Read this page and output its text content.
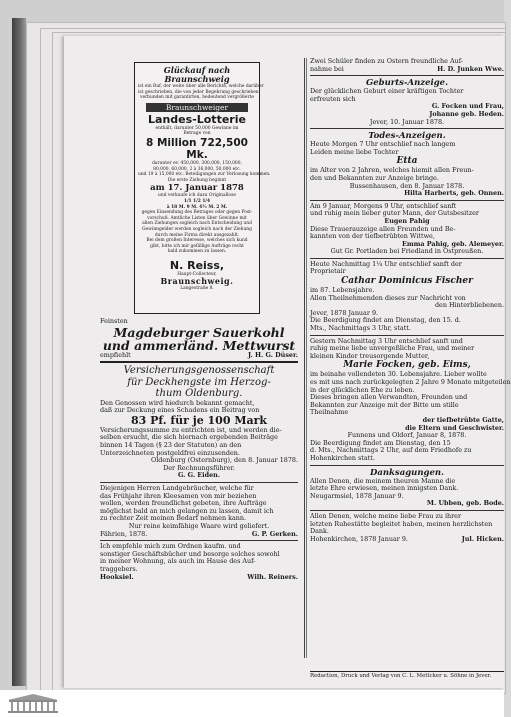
Glückauf nach Braunschweig
ist ein Ruf, der weite über alle Berichte, welche darüber
ist geschrieben, die von jeder Begehrung geschrieben
verbunden mit garantirten, bedeutend vergrößerte
Braunschweiger
Landes-Lotterie
enthält, darunter 50,000 Gewinne im
Betrage von
8 Million 722,500 Mk.
darunter ev. 450,000, 300,000, 150,000,
80,000, 60,000, 2 à 36,000, 50,000 etc.
und 19 à 15,000 etc. Beteiligungen zur Verlosung kommen.
Die erste Ziehung beginnt
am 17. Januar 1878
und verkaufe ich dazu Originallose
1/1 1/2 1/4
à 18 M. 9 M. 4½ M. 2 M.
gegen Einsendung des Betrages oder gegen Post-
vorschuß. Amtliche Listen über Gewinne mit
allen Ziehungen sogleich nach Entscheidung und
Gewinngelder werden sogleich nach der Ziehung
durch meine Firma direkt ausgezahlt.
Bei dem großen Interesse, welches sich kund
gibt, bitte ich mir gefällige Aufträge recht
bald zukommen zu lassen.
N. Reiss,
Haupt-Collecteur,
Braunschweig.
Langestraße 8.
Feinsten
Magdeburger Sauerkohl
und ammerländ. Mettwurst
empfiehlt	J. H. G. Düser.
Versicherungsgenossenschaft
für Deckhengste im Herzog-
thum Oldenburg.
Den Genossen wird hiedurch bekannt gemacht,
daß zur Deckung eines Schadens ein Beitrag von
83 Pf. für je 100 Mark
Versicherungssumme zu entrichten ist, und werden die-
selben ersucht, die sich hiernach ergebenden Beiträge
binnen 14 Tagen (§ 23 der Statuten) an den
Unterzeichneten postgeldfrei einzusenden.
Oldenburg (Osternburg), den 8. Januar 1878.
Der Rechnungsführer.
G. G. Eiden.
Diejenigen Herren Landgebräucher, welche für
das Frühjahr ihren Kleesamen von mir beziehen
wollen, werden freundlichst gebeten, ihre Aufträge
möglichst bald an mich gelangen zu lassen, damit ich
zu rechter Zeit meinen Bedarf nehmen kann.
Nur reine keimfähige Waare wird geliefert.
Fährien, 1878.	G. P. Gerken.
Ich empfehle mich zum Ordnen kaufm. und
sonstiger Geschäftsbücher und besorge solches sowohl
in meiner Wohnung, als auch im Hause des Auf-
traggebers.
Hooksiel.	Wilh. Reiners.
Zwei Schüler finden zu Ostern freundliche Auf-
nahme bei	H. D. Junken Wwe.
Geburts-Anzeige.
Der glücklichen Geburt einer kräftigen Tochter
erfreuten sich
G. Focken und Frau,
Johanne geb. Heden.
Jever, 10. Januar 1878.
Todes-Anzeigen.
Heute Morgen 7 Uhr entschlief nach langem
Leiden meine liebe Tochter
Etta
im Alter von 2 Jahren, welches hiemit allen Freun-
den und Bekannten zur Anzeige bringe.
Bussenhausen, den 8. Januar 1878.
Hilta Harberts, geb. Onnen.
Am 9 Januar, Morgens 9 Uhr, entschlief sanft
und ruhig mein lieber guter Mann, der Gutsbesitzer
Eugen Pahig
Diese Trauerauzeige allen Freunden und Be-
kannten von der tiefbetrübten Wittwe,
Emma Pahig, geb. Alemeyer.
Gut Gr. Portladen bei Friedland in Ostpreußen.
Heute Nachmittag 1¼ Uhr entschlief sanft der
Proprietair
Cathar Dominicus Fischer
im 87. Lebensjahre.
Allen Theilnehmenden dieses zur Nachricht von
den Hinterbliebenen.
Jever, 1878 Januar 9.
Die Beerdigung findet am Dienstag, den 15. d.
Mts., Nachmittags 3 Uhr, statt.
Gestern Nachmittag 3 Uhr entschlief sanft und
ruhig meine liebe unvergeßliche Frau, und meiner
kleinen Kinder treusorgende Mutter,
Marie Focken, geb. Eims,
im beinahe vollendeten 30. Lebensjahre. Lieber wollte
es mit uns nach zurückgelegten 2 Jahre 9 Monate mitgeteilen
in der glücklichen Ehe zu leben.
Dieses bringen allen Verwandten, Freunden und
Bekannten zur Anzeige mit der Bitte um stille
Theilnahme
der tiefbetrübte Gatte,
die Eltern und Geschwister.
Funnens und Oldorf, Januar 8, 1878.
Die Beerdigung findet am Dienstag, den 15
d. Mts., Nachmittags 2 Uhr, auf dem Friedhofe zu
Hohenkirchen statt.
Danksagungen.
Allen Denen, die meinem theuren Manne die
letzte Ehre erwiesen, meinen innigsten Dank.
Neugarmsiel, 1878 Januar 9.
M. Ubben, geb. Bode.
Allen Denen, welche meine liebe Frau zu ihrer
letzten Ruhestätte begleitet haben, meinen herzlichsten
Dank.
Hohenkirchen, 1878 Januar 9.	Jul. Hicken.
Redaction, Druck und Verlag von C. L. Mettcker u. Söhne in Jever.
